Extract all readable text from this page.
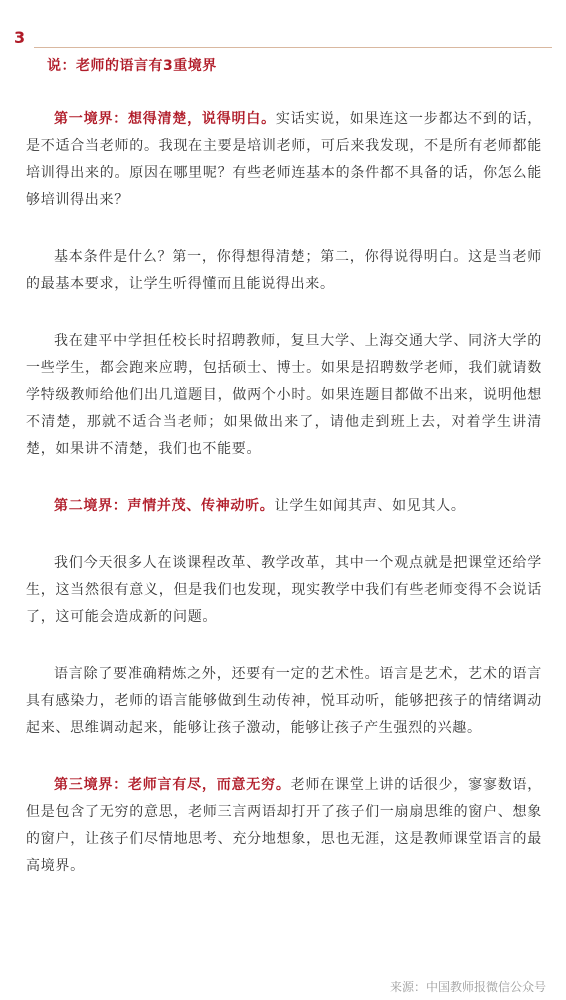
3
说：老师的语言有3重境界

第一境界：想得清楚，说得明白。实话实说，如果连这一步都达不到的话，是不适合当老师的。我现在主要是培训老师，可后来我发现，不是所有老师都能培训得出来的。原因在哪里呢？有些老师连基本的条件都不具备的话，你怎么能够培训得出来？

基本条件是什么？第一，你得想得清楚；第二，你得说得明白。这是当老师的最基本要求，让学生听得懂而且能说得出来。

我在建平中学担任校长时招聘教师，复旦大学、上海交通大学、同济大学的一些学生，都会跑来应聘，包括硕士、博士。如果是招聘数学老师，我们就请数学特级教师给他们出几道题目，做两个小时。如果连题目都做不出来，说明他想不清楚，那就不适合当老师；如果做出来了，请他走到班上去，对着学生讲清楚，如果讲不清楚，我们也不能要。

第二境界：声情并茂、传神动听。让学生如闻其声、如见其人。

我们今天很多人在谈课程改革、教学改革，其中一个观点就是把课堂还给学生，这当然很有意义，但是我们也发现，现实教学中我们有些老师变得不会说话了，这可能会造成新的问题。

语言除了要准确精炼之外，还要有一定的艺术性。语言是艺术，艺术的语言具有感染力，老师的语言能够做到生动传神，悦耳动听，能够把孩子的情绪调动起来、思维调动起来，能够让孩子激动，能够让孩子产生强烈的兴趣。

第三境界：老师言有尽，而意无穷。老师在课堂上讲的话很少，寥寥数语，但是包含了无穷的意思，老师三言两语却打开了孩子们一扇扇思维的窗户、想象的窗户，让孩子们尽情地思考、充分地想象，思也无涯，这是教师课堂语言的最高境界。

来源：中国教师报微信公众号
